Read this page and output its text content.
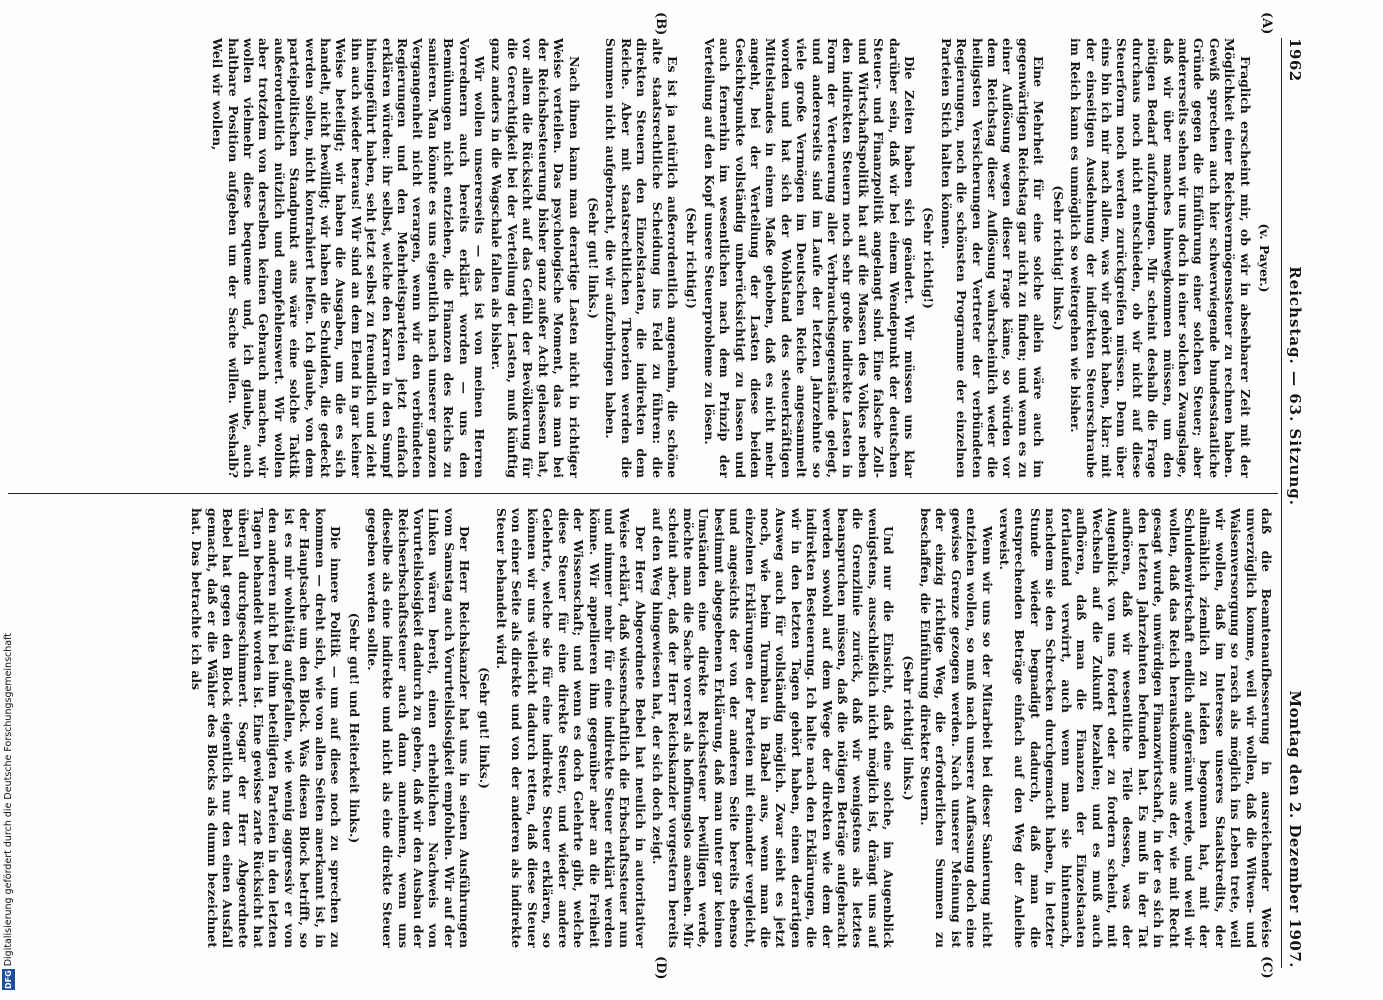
DFG Digitalisierung gefördert durch die Deutsche Forschungsgemeinschaft
1962
Reichstag. — 63. Sitzung.
Montag den 2. Dezember 1907.
(A)
(B)
(C)
(D)

(v. Payer.)

Fraglich erscheint mir, ob wir in absehbarer Zeit mit der Möglichkeit einer Reichsvermögenssteuer zu rechnen haben. Gewiß sprechen auch hier schwerwiegende bundesstaatliche Gründe gegen die Einführung einer solchen Steuer; aber andererseits sehen wir uns doch in einer solchen Zwangslage, daß wir über manches hinwegkommen müssen, um den nötigen Bedarf aufzubringen. Mir scheint deshalb die Frage durchaus noch nicht entschieden, ob wir nicht auf diese Steuerform noch werden zurückgreifen müssen. Denn über eins bin ich mir nach allem, was wir gehört haben, klar: mit der einseitigen Ausdehnung der indirekten Steuerschraube im Reich kann es unmöglich so weitergehen wie bisher.

(Sehr richtig! links.)

Eine Mehrheit für eine solche allein wäre auch im gegenwärtigen Reichstag gar nicht zu finden; und wenn es zu einer Auflösung wegen dieser Frage käme, so würden vor dem Reichstag dieser Auflösung wahrscheinlich weder die heiligsten Versicherungen der Vertreter der verbündeten Regierungen, noch die schönsten Programme der einzelnen Parteien Stich halten können.

(Sehr richtig!)

Die Zeiten haben sich geändert. Wir müssen uns klar darüber sein, daß wir bei einem Wendepunkt der deutschen Steuer- und Finanzpolitik angelangt sind. Eine falsche Zoll- und Wirtschaftspolitik hat auf die Massen des Volkes neben den indirekten Steuern noch sehr große indirekte Lasten in Form der Verteuerung aller Verbrauchsgegenstände gelegt, und andererseits sind im Laufe der letzten Jahrzehnte so viele große Vermögen im Deutschen Reiche angesammelt worden und hat sich der Wohlstand des steuerkräftigen Mittelstandes in einem Maße gehoben, daß es nicht mehr angeht, bei der Verteilung der Lasten diese beiden Gesichtspunkte vollständig unberücksichtigt zu lassen und auch fernerhin im wesentlichen nach dem Prinzip der Verteilung auf den Kopf unsere Steuerprobleme zu lösen.

(Sehr richtig!)

Es ist ja natürlich außerordentlich angenehm, die schöne alte staatsrechtliche Scheidung ins Feld zu führen: die direkten Steuern den Einzelstaaten, die indirekten dem Reiche. Aber mit staatsrechtlichen Theorien werden die Summen nicht aufgebracht, die wir aufzubringen haben.

(Sehr gut! links.)

Nach ihnen kann man derartige Lasten nicht in richtiger Weise verteilen. Das psychologische Moment, das man bei der Reichsbesteuerung bisher ganz außer Acht gelassen hat, vor allem die Rücksicht auf das Gefühl der Bevölkerung für die Gerechtigkeit bei der Verteilung der Lasten, muß künftig ganz anders in die Wagschale fallen als bisher.

Wir wollen unsererseits — das ist von meinen Herren Vorrednern auch bereits erklärt worden — uns den Bemühungen nicht entziehen, die Finanzen des Reichs zu sanieren. Man könnte es uns eigentlich nach unserer ganzen Vergangenheit nicht verargen, wenn wir den verbündeten Regierungen und den Mehrheitsparteien jetzt einfach erklären würden: ihr selbst, welche den Karren in den Sumpf hineingeführt haben, seht jetzt selbst zu freundlich und zieht ihn auch wieder heraus! Wir sind an dem Elend in gar keiner Weise beteiligt; wir haben die Ausgaben, um die es sich handelt, nicht bewilligt; wir haben die Schulden, die gedeckt werden sollen, nicht kontrahiert helfen. Ich glaube, von dem parteipolitischen Standpunkt aus wäre eine solche Taktik außerordentlich nützlich und empfehlenswert. Wir wollen aber trotzdem von derselben keinen Gebrauch machen, wir wollen vielmehr diese bequeme und, ich glaube, auch haltbare Position aufgeben um der Sache willen. Weshalb? Weil wir wollen,

daß die Beamtenaufbesserung in ausreichender Weise unverzüglich komme, weil wir wollen, daß die Witwen- und Waisenversorgung so rasch als möglich ins Leben trete, weil wir wollen, daß im Interesse unseres Staatskredits, der allmählich ziemlich zu leiden begonnen hat, mit der Schuldenwirtschaft endlich aufgeräumt werde, und weil wir wollen, daß das Reich herauskomme aus der, wie mit Recht gesagt wurde, unwürdigen Finanzwirtschaft, in der es sich in den letzten Jahrzehnten befunden hat. Es muß in der Tat aufhören, daß wir wesentliche Teile dessen, was der Augenblick von uns fordert oder zu fordern scheint, mit Wechseln auf die Zukunft bezahlen; und es muß auch aufhören, daß man die Finanzen der Einzelstaaten fortlaufend verwirrt, auch wenn man sie hintennach, nachdem sie den Schrecken durchgemacht haben, in letzter Stunde wieder begnadigt dadurch, daß man die entsprechenden Beträge einfach auf den Weg der Anleihe verweist.

Wenn wir uns so der Mitarbeit bei dieser Sanierung nicht entziehen wollen, so muß nach unserer Auffassung doch eine gewisse Grenze gezogen werden. Nach unserer Meinung ist der einzig richtige Weg, die erforderlichen Summen zu beschaffen, die Einführung direkter Steuern.

(Sehr richtig! links.)

Und nur die Einsicht, daß eine solche, im Augenblick wenigstens, ausschließlich nicht möglich ist, drängt uns auf die Grenzlinie zurück, daß wir wenigstens als letztes beanspruchen müssen, daß die nötigen Beträge aufgebracht werden sowohl auf dem Wege der direkten wie dem der indirekten Besteuerung. Ich halte nach den Erklärungen, die wir in den letzten Tagen gehört haben, einen derartigen Ausweg auch für vollständig möglich. Zwar sieht es jetzt noch, wie beim Turmbau in Babel aus, wenn man die einzelnen Erklärungen der Parteien mit einander vergleicht, und angesichts der von der anderen Seite bereits ebenso bestimmt abgegebenen Erklärung, daß man unter gar keinen Umständen eine direkte Reichssteuer bewilligen werde, möchte man die Sache vorerst als hoffnungslos ansehen. Mir scheint aber, daß der Herr Reichskanzler vorgestern bereits auf den Weg hingewiesen hat, der sich doch zeigt.

Der Herr Abgeordnete Bebel hat neulich in autoritativer Weise erklärt, daß wissenschaftlich die Erbschaftssteuer nun und nimmer mehr für eine indirekte Steuer erklärt werden könne. Wir appellieren ihm gegenüber aber an die Freiheit der Wissenschaft; und wenn es doch Gelehrte gibt, welche diese Steuer für eine direkte Steuer, und wieder andere Gelehrte, welche sie für eine indirekte Steuer erklären, so können wir uns vielleicht dadurch retten, daß diese Steuer von einer Seite als direkte und von der anderen als indirekte Steuer behandelt wird.

(Sehr gut! links.)

Der Herr Reichskanzler hat uns in seinen Ausführungen vom Samstag auch Vorurteilslosigkeit empfohlen. Wir auf der Linken wären bereit, einen erheblichen Nachweis von Vorurteilslosigkeit dadurch zu geben, daß wir den Ausbau der Reichserbschaftssteuer auch dann annehmen, wenn uns dieselbe als eine indirekte und nicht als eine direkte Steuer gegeben werden sollte.

(Sehr gut! und Heiterkeit links.)

Die innere Politik — um auf diese noch zu sprechen zu kommen — dreht sich, wie von allen Seiten anerkannt ist, in der Hauptsache um den Block. Was diesen Block betrifft, so ist es mir wohltätig aufgefallen, wie wenig aggressiv er von den anderen nicht bei ihm beteiligten Parteien in den letzten Tagen behandelt worden ist. Eine gewisse zarte Rücksicht hat überall durchgeschimmert. Sogar der Herr Abgeordnete Bebel hat gegen den Block eigentlich nur den einen Ausfall gemacht, daß er die Wähler des Blocks als dumm bezeichnet hat. Das betrachte ich als
